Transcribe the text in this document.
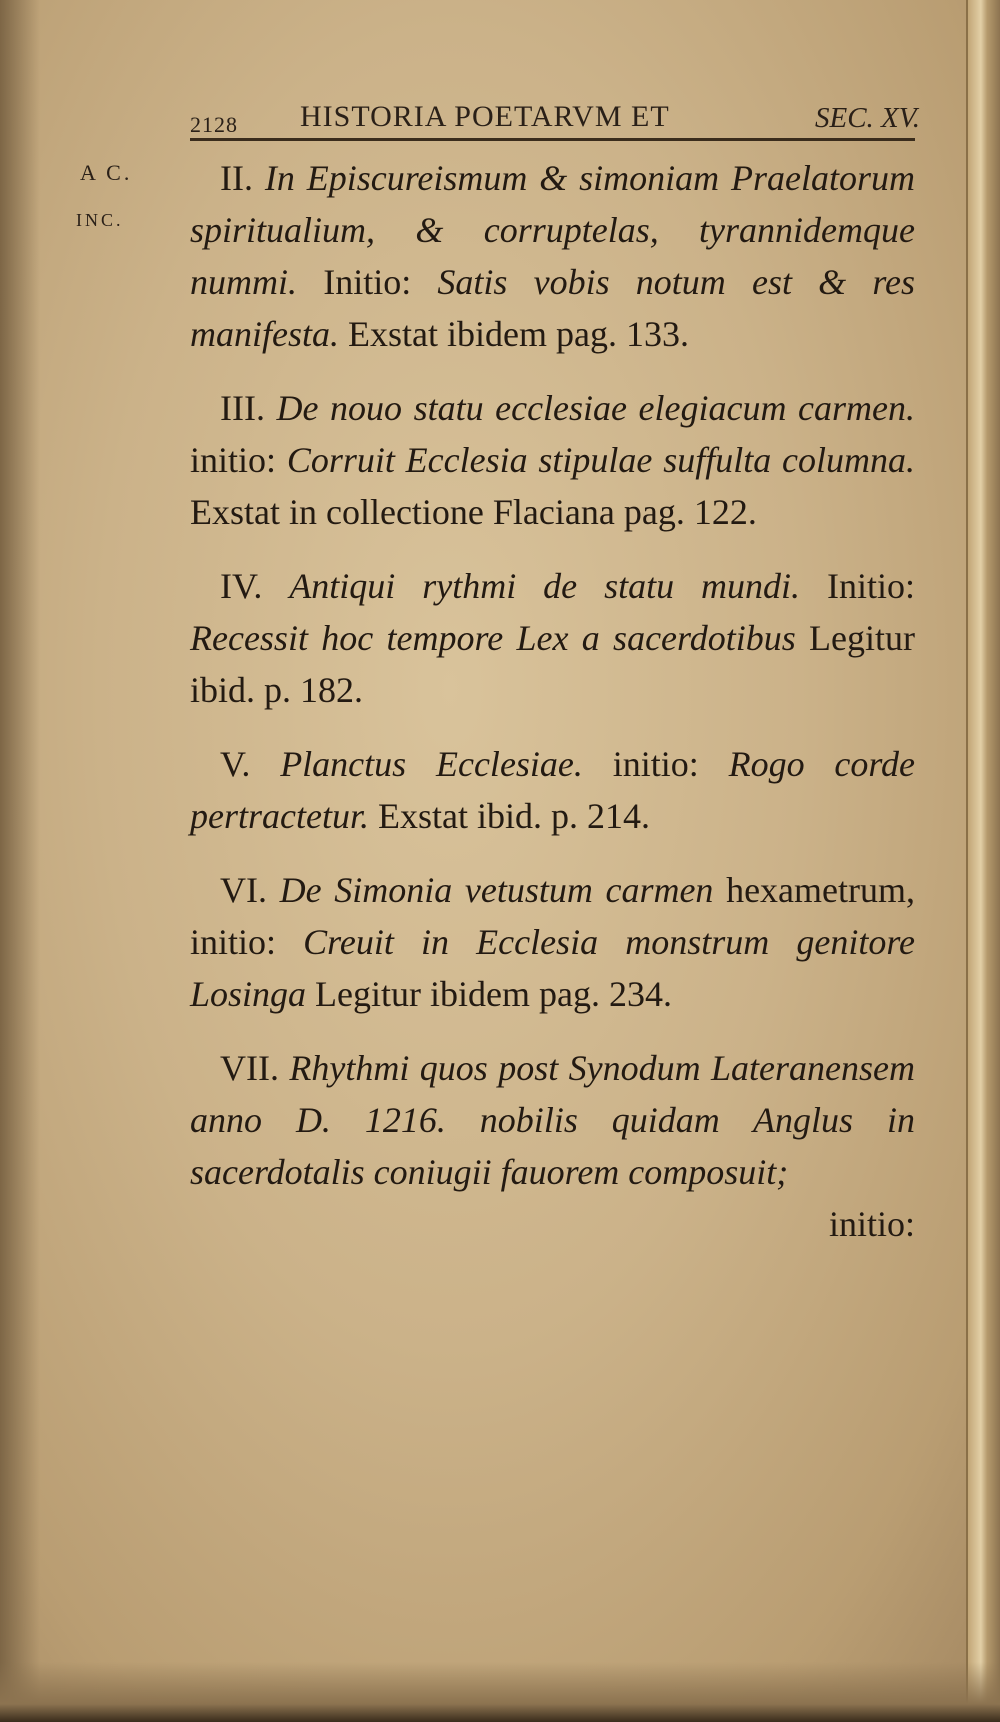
2128 HISTORIA POETARVM ET	SEC. XV.
A C.
INC.

II. In Episcureismum & simoniam Praelatorum spiritualium, & corruptelas, tyrannidemque nummi. Initio: Satis vobis notum est & res manifesta. Exstat ibidem pag. 133.

III. De nouo statu ecclesiae elegiacum carmen. initio: Corruit Ecclesia stipulae suffulta columna. Exstat in collectione Flaciana pag. 122.

IV. Antiqui rythmi de statu mundi. Initio: Recessit hoc tempore Lex a sacerdotibus Legitur ibid. p. 182.

V. Planctus Ecclesiae. initio: Rogo corde pertractetur. Exstat ibid. p. 214.

VI. De Simonia vetustum carmen hexametrum, initio: Creuit in Ecclesia monstrum genitore Losinga Legitur ibidem pag. 234.

VII. Rhythmi quos post Synodum Lateranensem anno D. 1216. nobilis quidam Anglus in sacerdotalis coniugii fauorem composuit;
initio:
